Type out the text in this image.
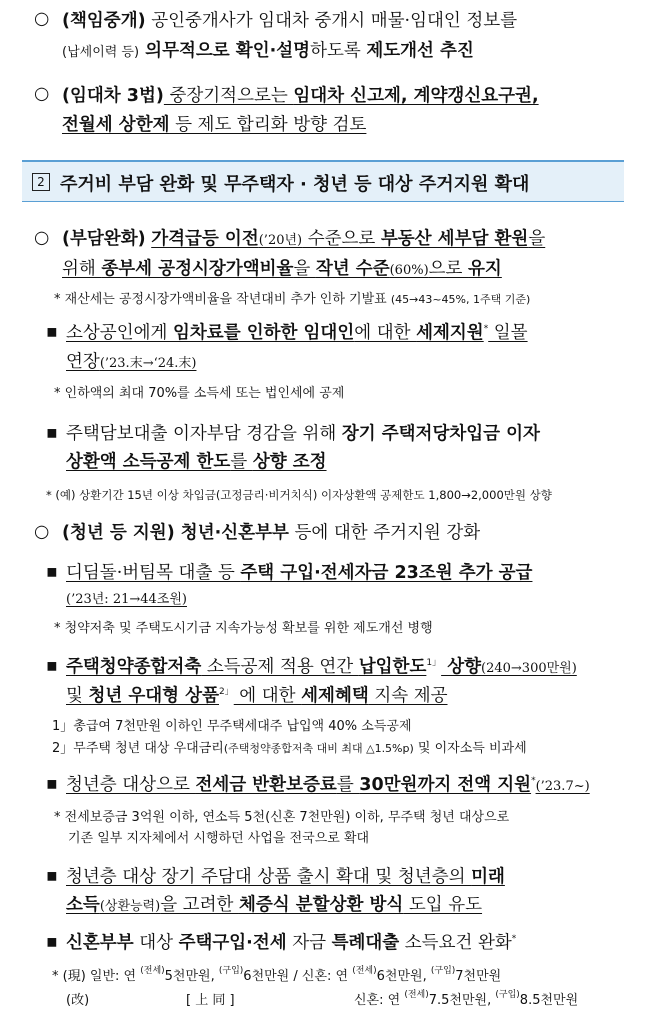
○ (책임중개) 공인중개사가 임대차 중개시 매물·임대인 정보를
(납세이력 등) 의무적으로 확인·설명하도록 제도개선 추진
○ (임대차 3법) 중장기적으로는 임대차 신고제, 계약갱신요구권,
전월세 상한제 등 제도 합리화 방향 검토
2 주거비 부담 완화 및 무주택자 · 청년 등 대상 주거지원 확대
○ (부담완화) 가격급등 이전(’20년) 수준으로 부동산 세부담 환원을
위해 종부세 공정시장가액비율을 작년 수준(60%)으로 유지
* 재산세는 공정시장가액비율을 작년대비 추가 인하 기발표 (45→43~45%, 1주택 기준)
▪ 소상공인에게 임차료를 인하한 임대인에 대한 세제지원* 일몰
연장(’23.末→‘24.末)
* 인하액의 최대 70%를 소득세 또는 법인세에 공제
▪ 주택담보대출 이자부담 경감을 위해 장기 주택저당차입금 이자
상환액 소득공제 한도를 상향 조정
* (예) 상환기간 15년 이상 차입금(고정금리·비거치식) 이자상환액 공제한도 1,800→2,000만원 상향
○ (청년 등 지원) 청년·신혼부부 등에 대한 주거지원 강화
▪ 디딤돌·버팀목 대출 등 주택 구입·전세자금 23조원 추가 공급
(’23년: 21→44조원)
* 청약저축 및 주택도시기금 지속가능성 확보를 위한 제도개선 병행
▪ 주택청약종합저축 소득공제 적용 연간 납입한도$^{1」}$ 상향(240→300만원)
및 청년 우대형 상품$^{2」}$ 에 대한 세제혜택 지속 제공
1」총급여 7천만원 이하인 무주택세대주 납입액 40% 소득공제
2」무주택 청년 대상 우대금리(주택청약종합저축 대비 최대 △1.5%p) 및 이자소득 비과세
▪ 청년층 대상으로 전세금 반환보증료를 30만원까지 전액 지원*(’23.7~)
* 전세보증금 3억원 이하, 연소득 5천(신혼 7천만원) 이하, 무주택 청년 대상으로
기존 일부 지자체에서 시행하던 사업을 전국으로 확대
▪ 청년층 대상 장기 주담대 상품 출시 확대 및 청년층의 미래
소득(상환능력)을 고려한 체증식 분할상환 방식 도입 유도
▪ 신혼부부 대상 주택구입·전세 자금 특례대출 소득요건 완화*
* (現) 일반: 연 $^{(전세)}$5천만원, $^{(구입)}$6천만원 / 신혼: 연 $^{(전세)}$6천만원, $^{(구입)}$7천만원
(改)	[ 上 同 ]	신혼: 연 $^{(전세)}$7.5천만원, $^{(구입)}$8.5천만원
